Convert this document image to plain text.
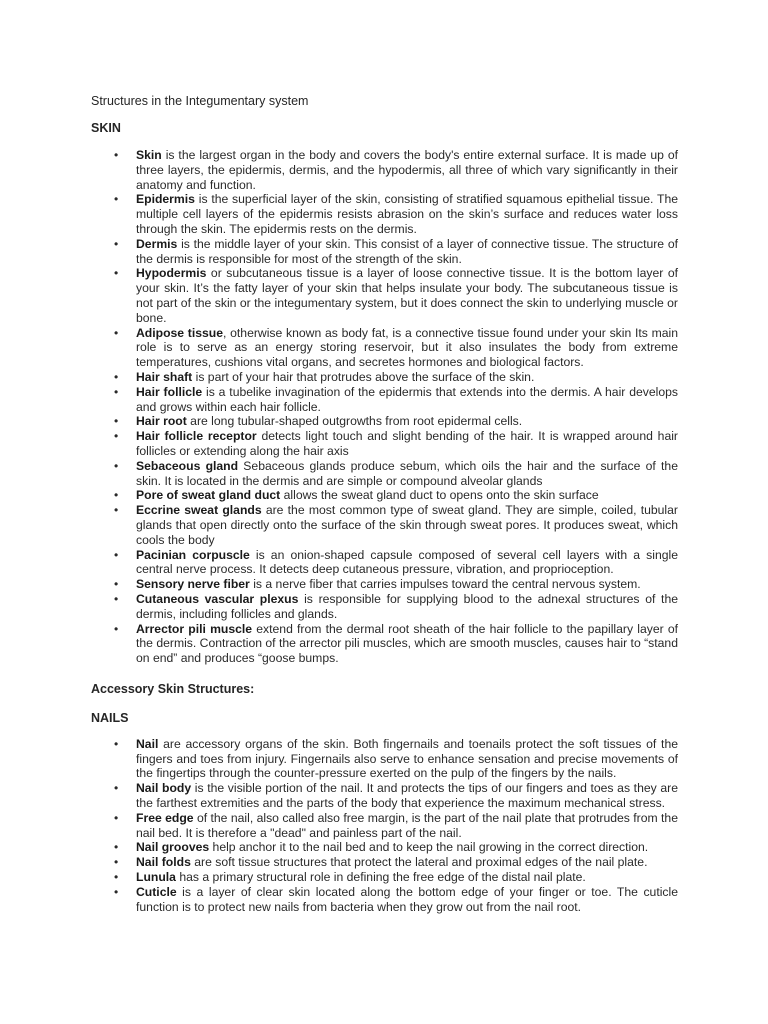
Structures in the Integumentary system
SKIN
• Skin is the largest organ in the body and covers the body's entire external surface. It is made up of three layers, the epidermis, dermis, and the hypodermis, all three of which vary significantly in their anatomy and function.
• Epidermis is the superficial layer of the skin, consisting of stratified squamous epithelial tissue. The multiple cell layers of the epidermis resists abrasion on the skin’s surface and reduces water loss through the skin. The epidermis rests on the dermis.
• Dermis is the middle layer of your skin. This consist of a layer of connective tissue. The structure of the dermis is responsible for most of the strength of the skin.
• Hypodermis or subcutaneous tissue is a layer of loose connective tissue. It is the bottom layer of your skin. It’s the fatty layer of your skin that helps insulate your body. The subcutaneous tissue is not part of the skin or the integumentary system, but it does connect the skin to underlying muscle or bone.
• Adipose tissue, otherwise known as body fat, is a connective tissue found under your skin Its main role is to serve as an energy storing reservoir, but it also insulates the body from extreme temperatures, cushions vital organs, and secretes hormones and biological factors.
• Hair shaft is part of your hair that protrudes above the surface of the skin.
• Hair follicle is a tubelike invagination of the epidermis that extends into the dermis. A hair develops and grows within each hair follicle.
• Hair root are long tubular-shaped outgrowths from root epidermal cells.
• Hair follicle receptor detects light touch and slight bending of the hair. It is wrapped around hair follicles or extending along the hair axis
• Sebaceous gland Sebaceous glands produce sebum, which oils the hair and the surface of the skin. It is located in the dermis and are simple or compound alveolar glands
• Pore of sweat gland duct allows the sweat gland duct to opens onto the skin surface
• Eccrine sweat glands are the most common type of sweat gland. They are simple, coiled, tubular glands that open directly onto the surface of the skin through sweat pores. It produces sweat, which cools the body
• Pacinian corpuscle is an onion-shaped capsule composed of several cell layers with a single central nerve process. It detects deep cutaneous pressure, vibration, and proprioception.
• Sensory nerve fiber is a nerve fiber that carries impulses toward the central nervous system.
• Cutaneous vascular plexus is responsible for supplying blood to the adnexal structures of the dermis, including follicles and glands.
• Arrector pili muscle extend from the dermal root sheath of the hair follicle to the papillary layer of the dermis. Contraction of the arrector pili muscles, which are smooth muscles, causes hair to “stand on end” and produces “goose bumps.
Accessory Skin Structures:
NAILS
• Nail are accessory organs of the skin. Both fingernails and toenails protect the soft tissues of the fingers and toes from injury. Fingernails also serve to enhance sensation and precise movements of the fingertips through the counter-pressure exerted on the pulp of the fingers by the nails.
• Nail body is the visible portion of the nail. It and protects the tips of our fingers and toes as they are the farthest extremities and the parts of the body that experience the maximum mechanical stress.
• Free edge of the nail, also called also free margin, is the part of the nail plate that protrudes from the nail bed. It is therefore a "dead" and painless part of the nail.
• Nail grooves help anchor it to the nail bed and to keep the nail growing in the correct direction.
• Nail folds are soft tissue structures that protect the lateral and proximal edges of the nail plate.
• Lunula has a primary structural role in defining the free edge of the distal nail plate.
• Cuticle is a layer of clear skin located along the bottom edge of your finger or toe. The cuticle function is to protect new nails from bacteria when they grow out from the nail root.
